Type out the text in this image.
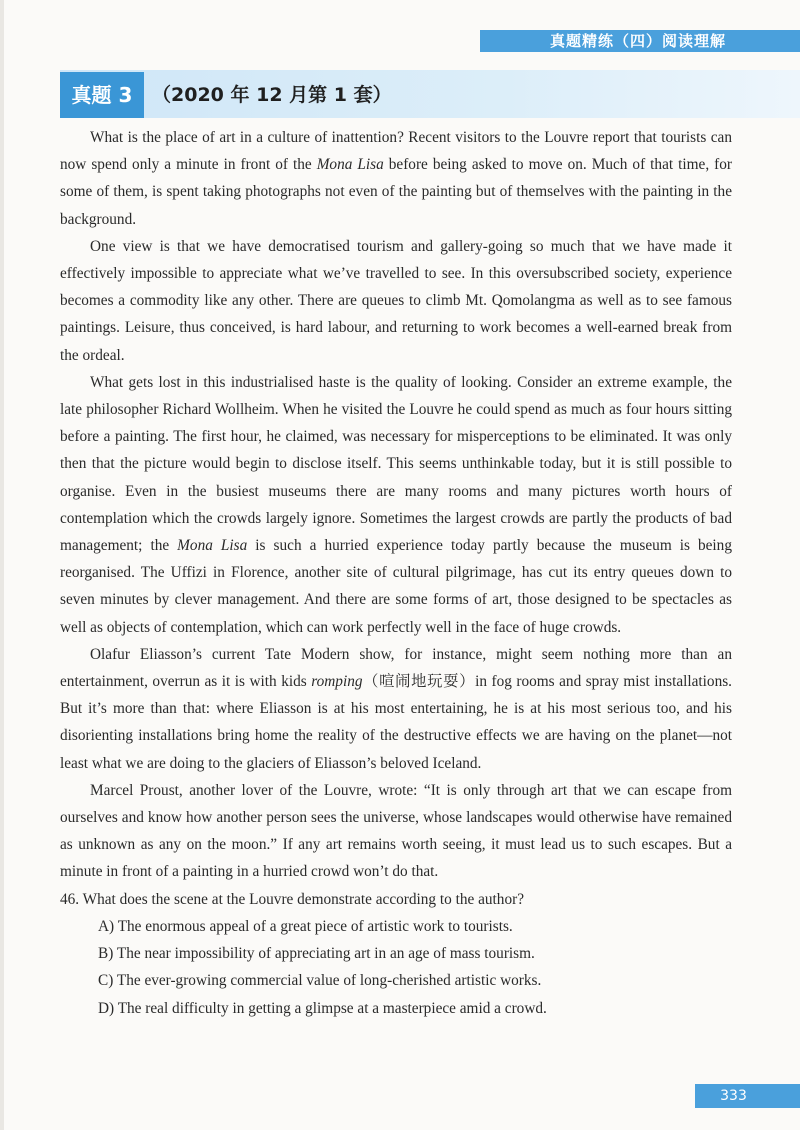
真题精练（四）阅读理解
真题 3	（2020 年 12 月第 1 套）

What is the place of art in a culture of inattention? Recent visitors to the Louvre report that tourists can now spend only a minute in front of the Mona Lisa before being asked to move on. Much of that time, for some of them, is spent taking photographs not even of the painting but of themselves with the painting in the background.

One view is that we have democratised tourism and gallery-going so much that we have made it effectively impossible to appreciate what we’ve travelled to see. In this oversubscribed society, experience becomes a commodity like any other. There are queues to climb Mt. Qomolangma as well as to see famous paintings. Leisure, thus conceived, is hard labour, and returning to work becomes a well-earned break from the ordeal.

What gets lost in this industrialised haste is the quality of looking. Consider an extreme example, the late philosopher Richard Wollheim. When he visited the Louvre he could spend as much as four hours sitting before a painting. The first hour, he claimed, was necessary for misperceptions to be eliminated. It was only then that the picture would begin to disclose itself. This seems unthinkable today, but it is still possible to organise. Even in the busiest museums there are many rooms and many pictures worth hours of contemplation which the crowds largely ignore. Sometimes the largest crowds are partly the products of bad management; the Mona Lisa is such a hurried experience today partly because the museum is being reorganised. The Uffizi in Florence, another site of cultural pilgrimage, has cut its entry queues down to seven minutes by clever management. And there are some forms of art, those designed to be spectacles as well as objects of contemplation, which can work perfectly well in the face of huge crowds.

Olafur Eliasson’s current Tate Modern show, for instance, might seem nothing more than an entertainment, overrun as it is with kids romping（喧闹地玩耍）in fog rooms and spray mist installations. But it’s more than that: where Eliasson is at his most entertaining, he is at his most serious too, and his disorienting installations bring home the reality of the destructive effects we are having on the planet—not least what we are doing to the glaciers of Eliasson’s beloved Iceland.

Marcel Proust, another lover of the Louvre, wrote: “It is only through art that we can escape from ourselves and know how another person sees the universe, whose landscapes would otherwise have remained as unknown as any on the moon.” If any art remains worth seeing, it must lead us to such escapes. But a minute in front of a painting in a hurried crowd won’t do that.

46. What does the scene at the Louvre demonstrate according to the author?
A) The enormous appeal of a great piece of artistic work to tourists.
B) The near impossibility of appreciating art in an age of mass tourism.
C) The ever-growing commercial value of long-cherished artistic works.
D) The real difficulty in getting a glimpse at a masterpiece amid a crowd.
333
